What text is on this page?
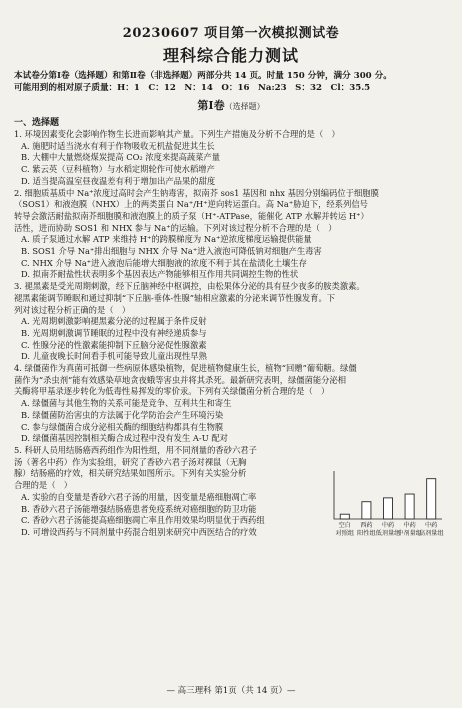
20230607 项目第一次模拟测试卷
理科综合能力测试
本试卷分第Ⅰ卷（选择题）和第Ⅱ卷（非选择题）两部分共 14 页。时量 150 分钟，满分 300 分。
可能用到的相对原子质量：H：1　C：12　N：14　O：16　Na:23　S：32　Cl：35.5
第Ⅰ卷（选择题）
一、选择题
1. 环境因素变化会影响作物生长进而影响其产量。下列生产措施及分析不合理的是（　）
A. 施肥时适当浇水有利于作物吸收无机盐促进其生长
B. 大棚中大量燃烧煤炭提高 CO₂ 浓度来提高蔬菜产量
C. 紫云英（豆科植物）与水稻定期轮作可使水稻增产
D. 适当提高温室昼夜温差有利于增加出产品果的甜度
2. 细胞质基质中 Na⁺浓度过高时会产生钠毒害，拟南芥 sos1 基因和 nhx 基因分别编码位于细胞膜
（SOS1）和液泡膜（NHX）上的两类蛋白 Na⁺/H⁺逆向转运蛋白。高 Na⁺胁迫下，经系列信号
转导会激活耐盐拟南芥细胞膜和液泡膜上的质子泵（H⁺-ATPase，能催化 ATP 水解并转运 H⁺）
活性，进而协助 SOS1 和 NHX 参与 Na⁺的运输。下列对该过程分析不合理的是（　）
A. 质子泵通过水解 ATP 来维持 H⁺的跨膜梯度为 Na⁺逆浓度梯度运输提供能量
B. SOS1 介导 Na⁺排出细胞与 NHX 介导 Na⁺进入液泡可降低钠对细胞产生毒害
C. NHX 介导 Na⁺进入液泡后能增大细胞液的浓度不利于其在盐渍化土壤生存
D. 拟南芥耐盐性状表明多个基因表达产物能够相互作用共同调控生物的性状
3. 褪黑素是受光周期刺激，经下丘脑神经中枢调控，由松果体分泌的具有昼少夜多的胺类激素。
褪黑素能调节睡眠和通过抑制“下丘脑-垂体-性腺”轴相应激素的分泌来调节性腺发育。下
列对该过程分析正确的是（　）
A. 光周期刺激影响褪黑素分泌的过程属于条件反射
B. 光周期刺激调节睡眠的过程中没有神经递质参与
C. 性腺分泌的性激素能抑制下丘脑分泌促性腺激素
D. 儿童夜晚长时间看手机可能导致儿童出现性早熟
4. 绿僵菌作为真菌可抵御一些病原体感染植物，促进植物健康生长，植物“回赠”葡萄糖。绿僵
菌作为“杀虫剂”能有效感染草地贪夜蛾等害虫并将其杀死。最新研究表明，绿僵菌能分泌相
关酶将甲基录逐步转化为低毒性易挥发的零价汞。下列有关绿僵菌分析合理的是（　）
A. 绿僵菌与其他生物的关系可能是竞争、互利共生和寄生
B. 绿僵菌防治害虫的方法属于化学防治会产生环境污染
C. 参与绿僵菌合成分泌相关酶的细胞结构都具有生物膜
D. 绿僵菌基因控制相关酶合成过程中没有发生 A-U 配对
5. 科研人员用结肠癌西药组作为阳性组，用不同剂量的香砂六君子
汤（著名中药）作为实验组，研究了香砂六君子汤对裸鼠（无胸
腺）结肠癌的疗效，相关研究结果如图所示。下列有关实验分析
合理的是（　）
空白
对照组
西药
阳性组
中药
低剂量组
中药
中剂量组
中药
高剂量组
A. 实验的自变量是香砂六君子汤的用量，因变量是癌细胞凋亡率
B. 香砂六君子汤能增强结肠癌患者免疫系统对癌细胞的防卫功能
C. 香砂六君子汤能提高癌细胞凋亡率且作用效果均明显优于西药组
D. 可增设西药与不同剂量中药混合组别来研究中西医结合的疗效
— 高三理科 第1页（共 14 页）—
